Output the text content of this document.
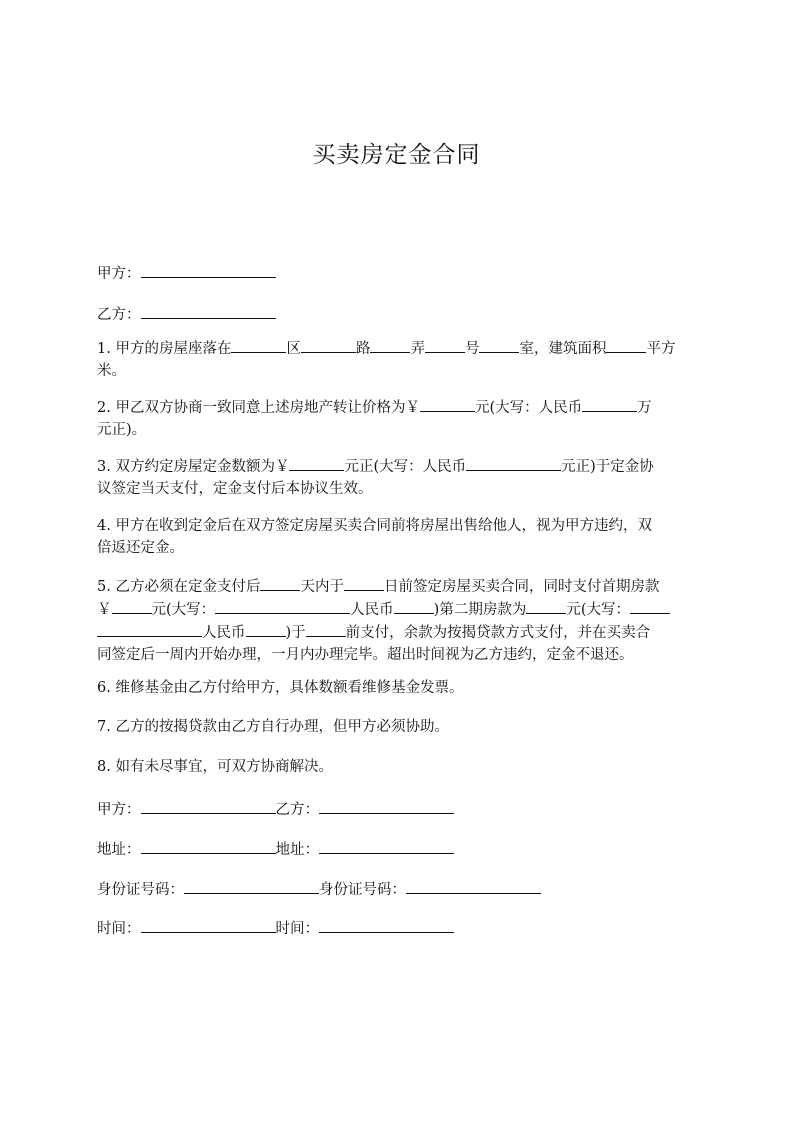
买卖房定金合同
甲方：
乙方：
1. 甲方的房屋座落在	区	路	弄	号	室，建筑面积	平方
米。
2. 甲乙双方协商一致同意上述房地产转让价格为￥	元(大写：人民币	万
元正)。
3. 双方约定房屋定金数额为￥	元正(大写：人民币	元正)于定金协
议签定当天支付，定金支付后本协议生效。
4. 甲方在收到定金后在双方签定房屋买卖合同前将房屋出售给他人，视为甲方违约，双
倍返还定金。
5. 乙方必须在定金支付后	天内于	日前签定房屋买卖合同，同时支付首期房款
￥	元(大写：	人民币	)第二期房款为	元(大写：
人民币	)于	前支付，余款为按揭贷款方式支付，并在买卖合
同签定后一周内开始办理，一月内办理完毕。超出时间视为乙方违约，定金不退还。
6. 维修基金由乙方付给甲方，具体数额看维修基金发票。
7. 乙方的按揭贷款由乙方自行办理，但甲方必须协助。
8. 如有未尽事宜，可双方协商解决。
甲方：	乙方：
地址：	地址：
身份证号码：	身份证号码：
时间：	时间：
